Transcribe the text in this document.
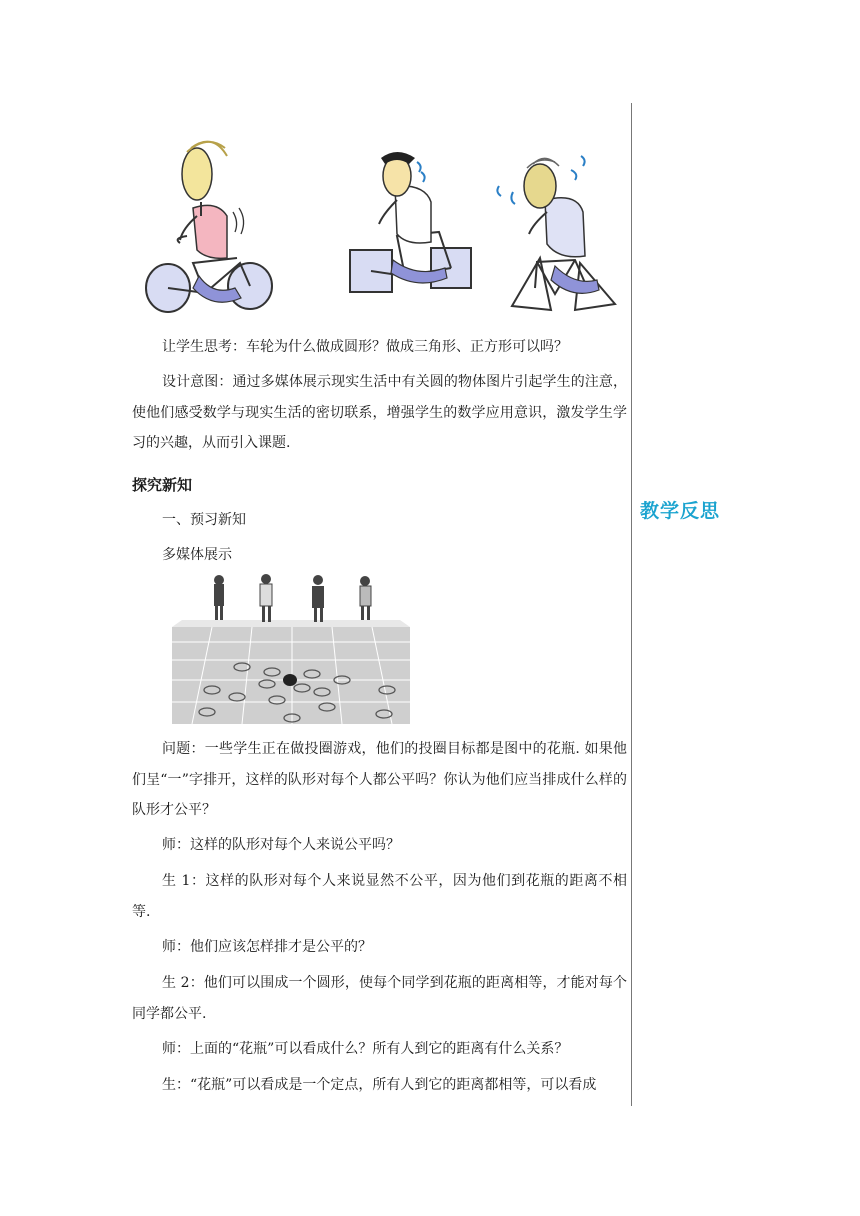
教学反思

让学生思考：车轮为什么做成圆形？做成三角形、正方形可以吗？

设计意图：通过多媒体展示现实生活中有关圆的物体图片引起学生的注意，使他们感受数学与现实生活的密切联系，增强学生的数学应用意识，激发学生学习的兴趣，从而引入课题.

探究新知

一、预习新知

多媒体展示

问题：一些学生正在做投圈游戏，他们的投圈目标都是图中的花瓶. 如果他们呈“一”字排开，这样的队形对每个人都公平吗？你认为他们应当排成什么样的队形才公平？

师：这样的队形对每个人来说公平吗？

生 1：这样的队形对每个人来说显然不公平，因为他们到花瓶的距离不相等.

师：他们应该怎样排才是公平的？

生 2：他们可以围成一个圆形，使每个同学到花瓶的距离相等，才能对每个同学都公平.

师：上面的“花瓶”可以看成什么？所有人到它的距离有什么关系？

生：“花瓶”可以看成是一个定点，所有人到它的距离都相等，可以看成
